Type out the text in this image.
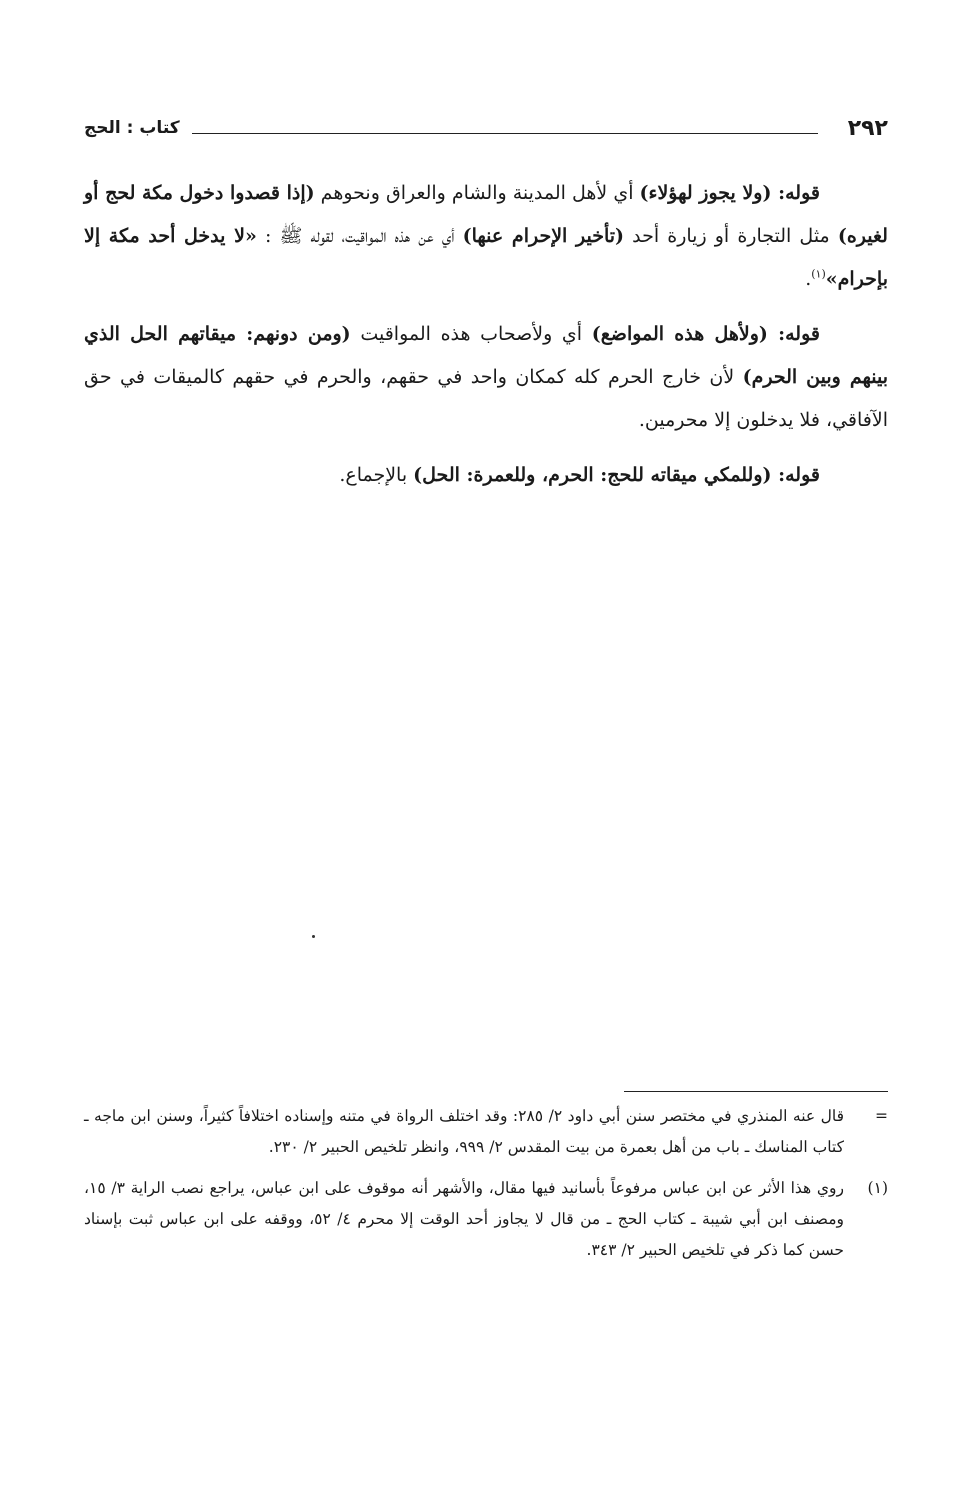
٢٩٢
كتاب : الحج

قوله: (ولا يجوز لهؤلاء) أي لأهل المدينة والشام والعراق ونحوهم (إذا قصدوا دخول مكة لحج أو لغيره) مثل التجارة أو زيارة أحد (تأخير الإحرام عنها) أي عن هذه المواقيت، لقوله ﷺ : «لا يدخل أحد مكة إلا بإحرام»$^{(١)}$.

قوله: (ولأهل هذه المواضع) أي ولأصحاب هذه المواقيت (ومن دونهم: ميقاتهم الحل الذي بينهم وبين الحرم) لأن خارج الحرم كله كمكان واحد في حقهم، والحرم في حقهم كالميقات في حق الآفاقي، فلا يدخلون إلا محرمين.

قوله: (وللمكي ميقاته للحج: الحرم، وللعمرة: الحل) بالإجماع.

=
قال عنه المنذري في مختصر سنن أبي داود ٢/ ٢٨٥: وقد اختلف الرواة في متنه وإسناده اختلافاً كثيراً، وسنن ابن ماجه ـ كتاب المناسك ـ باب من أهل بعمرة من بيت المقدس ٢/ ٩٩٩، وانظر تلخيص الحبير ٢/ ٢٣٠.
(١)
روي هذا الأثر عن ابن عباس مرفوعاً بأسانيد فيها مقال، والأشهر أنه موقوف على ابن عباس، يراجع نصب الراية ٣/ ١٥، ومصنف ابن أبي شيبة ـ كتاب الحج ـ من قال لا يجاوز أحد الوقت إلا محرم ٤/ ٥٢، ووقفه على ابن عباس ثبت بإسناد حسن كما ذكر في تلخيص الحبير ٢/ ٣٤٣.
